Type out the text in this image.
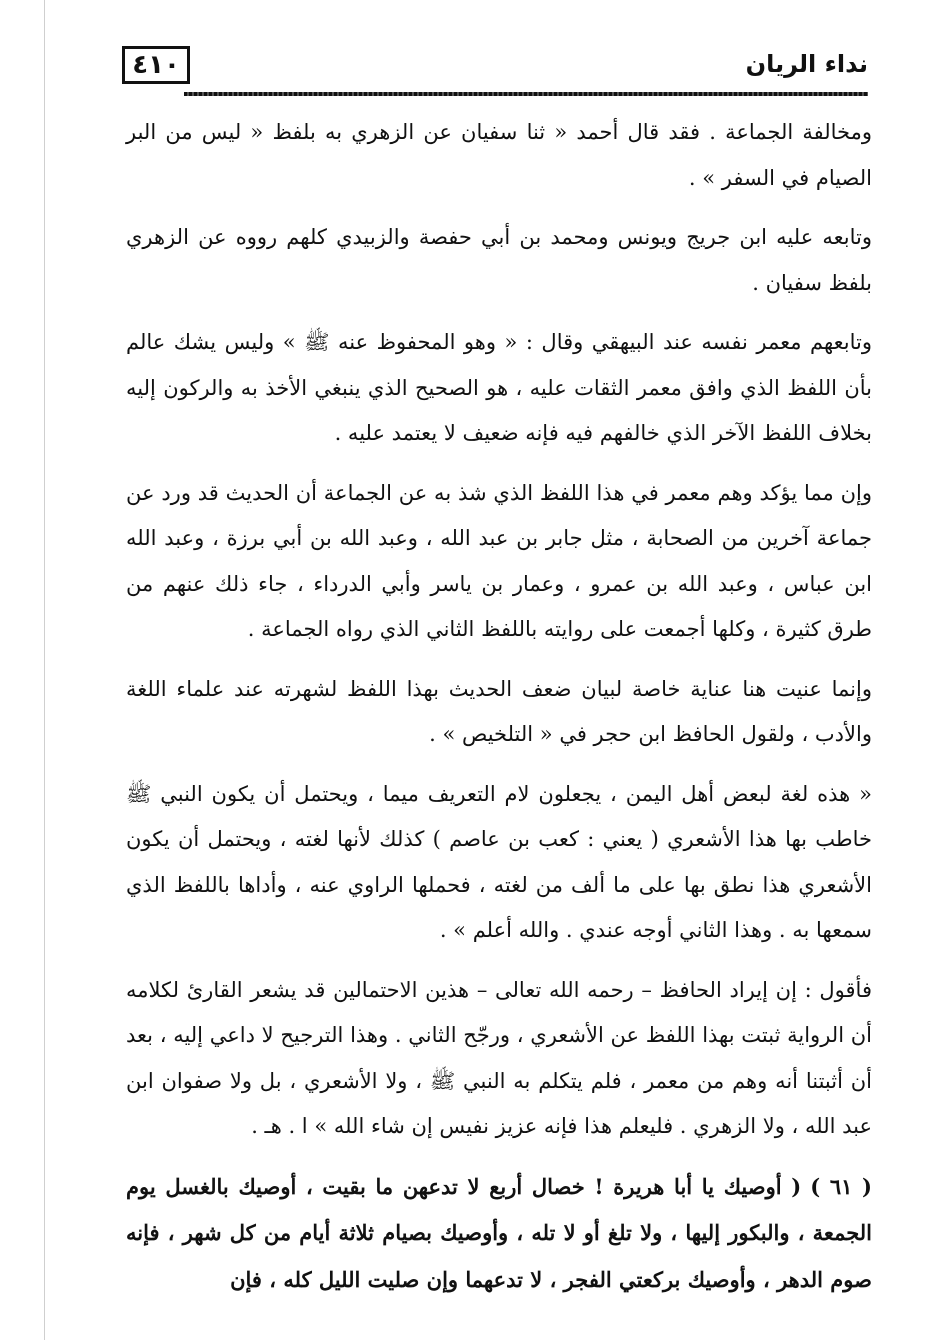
٤١٠	نداء الريان

ومخالفة الجماعة . فقد قال أحمد « ثنا سفيان عن الزهري به بلفظ « ليس من البر الصيام في السفر » .

وتابعه عليه ابن جريج ويونس ومحمد بن أبي حفصة والزبيدي كلهم رووه عن الزهري بلفظ سفيان .

وتابعهم معمر نفسه عند البيهقي وقال : « وهو المحفوظ عنه ﷺ » وليس يشك عالم بأن اللفظ الذي وافق معمر الثقات عليه ، هو الصحيح الذي ينبغي الأخذ به والركون إليه بخلاف اللفظ الآخر الذي خالفهم فيه فإنه ضعيف لا يعتمد عليه .

وإن مما يؤكد وهم معمر في هذا اللفظ الذي شذ به عن الجماعة أن الحديث قد ورد عن جماعة آخرين من الصحابة ، مثل جابر بن عبد الله ، وعبد الله بن أبي برزة ، وعبد الله ابن عباس ، وعبد الله بن عمرو ، وعمار بن ياسر وأبي الدرداء ، جاء ذلك عنهم من طرق كثيرة ، وكلها أجمعت على روايته باللفظ الثاني الذي رواه الجماعة .

وإنما عنيت هنا عناية خاصة لبيان ضعف الحديث بهذا اللفظ لشهرته عند علماء اللغة والأدب ، ولقول الحافظ ابن حجر في « التلخيص » .

« هذه لغة لبعض أهل اليمن ، يجعلون لام التعريف ميما ، ويحتمل أن يكون النبي ﷺ خاطب بها هذا الأشعري ( يعني : كعب بن عاصم ) كذلك لأنها لغته ، ويحتمل أن يكون الأشعري هذا نطق بها على ما ألف من لغته ، فحملها الراوي عنه ، وأداها باللفظ الذي سمعها به . وهذا الثاني أوجه عندي . والله أعلم » .

فأقول : إن إيراد الحافظ – رحمه الله تعالى – هذين الاحتمالين قد يشعر القارئ لكلامه أن الرواية ثبتت بهذا اللفظ عن الأشعري ، ورجّح الثاني . وهذا الترجيح لا داعي إليه ، بعد أن أثبتنا أنه وهم من معمر ، فلم يتكلم به النبي ﷺ ، ولا الأشعري ، بل ولا صفوان ابن عبد الله ، ولا الزهري . فليعلم هذا فإنه عزيز نفيس إن شاء الله » ا . هـ .

( ٦١ ) ( أوصيك يا أبا هريرة ! خصال أربع لا تدعهن ما بقيت ، أوصيك بالغسل يوم الجمعة ، والبكور إليها ، ولا تلغ أو لا تله ، وأوصيك بصيام ثلاثة أيام من كل شهر ، فإنه صوم الدهر ، وأوصيك بركعتي الفجر ، لا تدعهما وإن صليت الليل كله ، فإن
